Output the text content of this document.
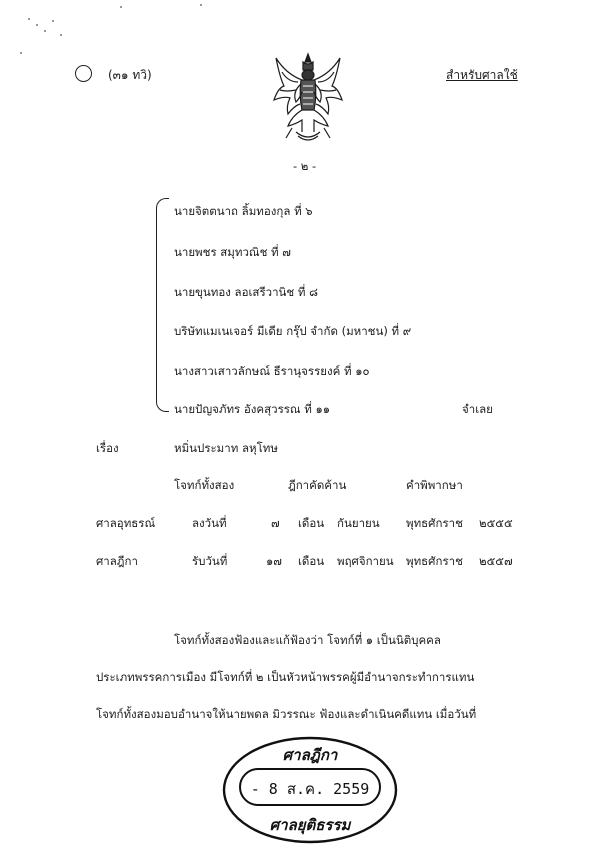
(๓๑ ทวิ)	สำหรับศาลใช้
- ๒ -
นายจิตตนาถ ลิ้มทองกุล ที่ ๖
นายพชร สมุทวณิช ที่ ๗
นายขุนทอง ลอเสรีวานิช ที่ ๘
บริษัทแมเนเจอร์ มีเดีย กรุ๊ป จำกัด (มหาชน) ที่ ๙
นางสาวเสาวลักษณ์ ธีรานุจรรยงค์ ที่ ๑๐
นายปัญจภัทร อังคสุวรรณ ที่ ๑๑	จำเลย
เรื่อง	หมิ่นประมาท ลหุโทษ
โจทก์ทั้งสอง	ฎีกาคัดค้าน	คำพิพากษา
ศาลอุทธรณ์	ลงวันที่	๗ เดือน กันยายน พุทธศักราช ๒๕๕๕
ศาลฎีกา	รับวันที่	๑๗ เดือน พฤศจิกายน พุทธศักราช ๒๕๕๗
โจทก์ทั้งสองฟ้องและแก้ฟ้องว่า โจทก์ที่ ๑ เป็นนิติบุคคล
ประเภทพรรคการเมือง มีโจทก์ที่ ๒ เป็นหัวหน้าพรรคผู้มีอำนาจกระทำการแทน
โจทก์ทั้งสองมอบอำนาจให้นายพดล มิวรรณะ ฟ้องและดำเนินคดีแทน เมื่อวันที่
ศาลฎีกา
- 8 ส.ค. 2559
ศาลยุติธรรม
